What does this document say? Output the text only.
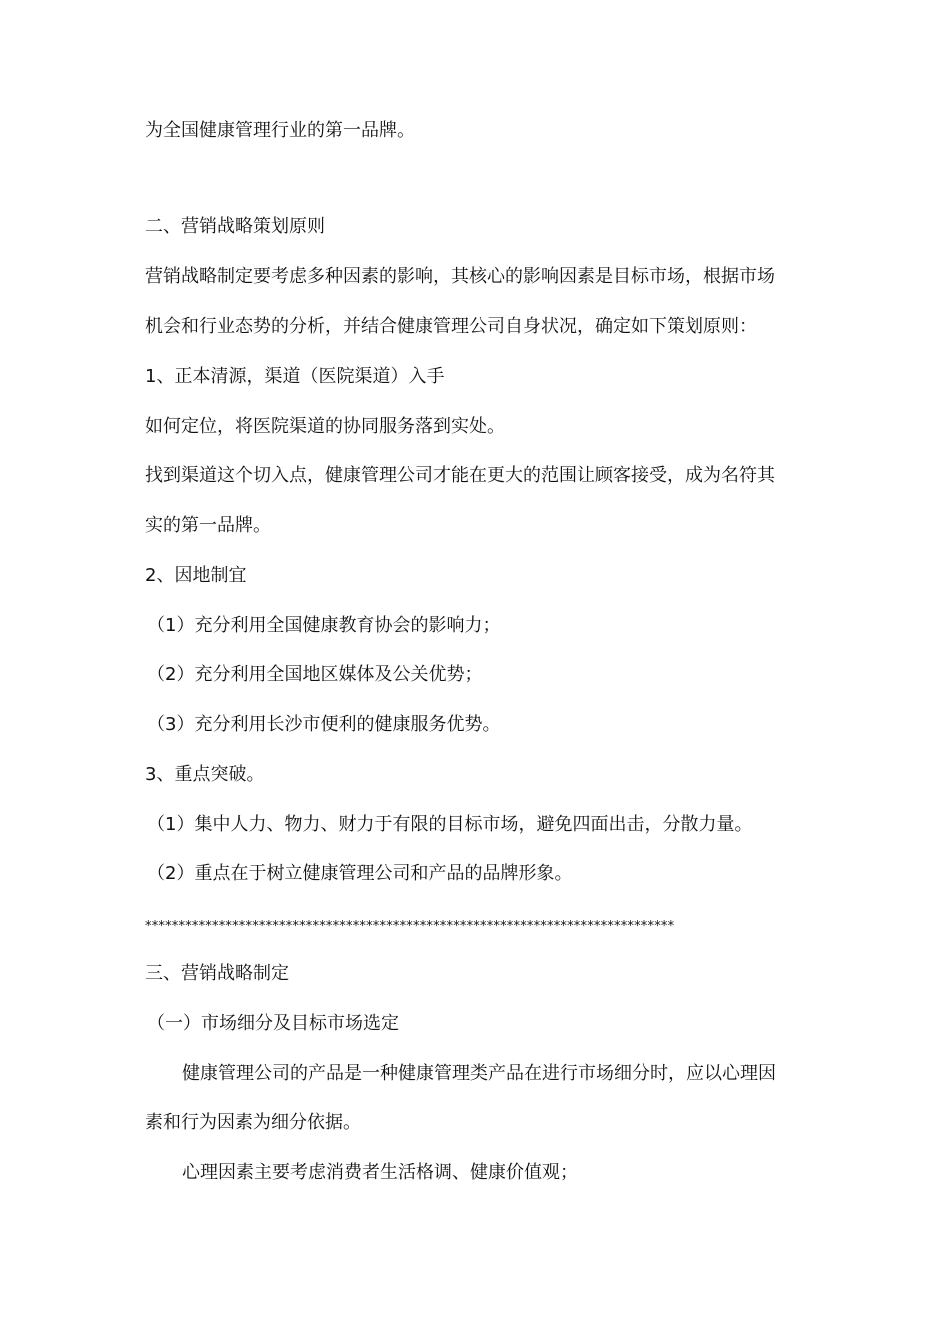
为全国健康管理行业的第一品牌。
二、营销战略策划原则
营销战略制定要考虑多种因素的影响，其核心的影响因素是目标市场，根据市场
机会和行业态势的分析，并结合健康管理公司自身状况，确定如下策划原则：
1、正本清源，渠道（医院渠道）入手
如何定位，将医院渠道的协同服务落到实处。
找到渠道这个切入点，健康管理公司才能在更大的范围让顾客接受，成为名符其
实的第一品牌。
2、因地制宜
（1）充分利用全国健康教育协会的影响力；
（2）充分利用全国地区媒体及公关优势；
（3）充分利用长沙市便利的健康服务优势。
3、重点突破。
（1）集中人力、物力、财力于有限的目标市场，避免四面出击，分散力量。
（2）重点在于树立健康管理公司和产品的品牌形象。
*******************************************************************************
三、营销战略制定
（一）市场细分及目标市场选定
健康管理公司的产品是一种健康管理类产品在进行市场细分时，应以心理因
素和行为因素为细分依据。
心理因素主要考虑消费者生活格调、健康价值观；
